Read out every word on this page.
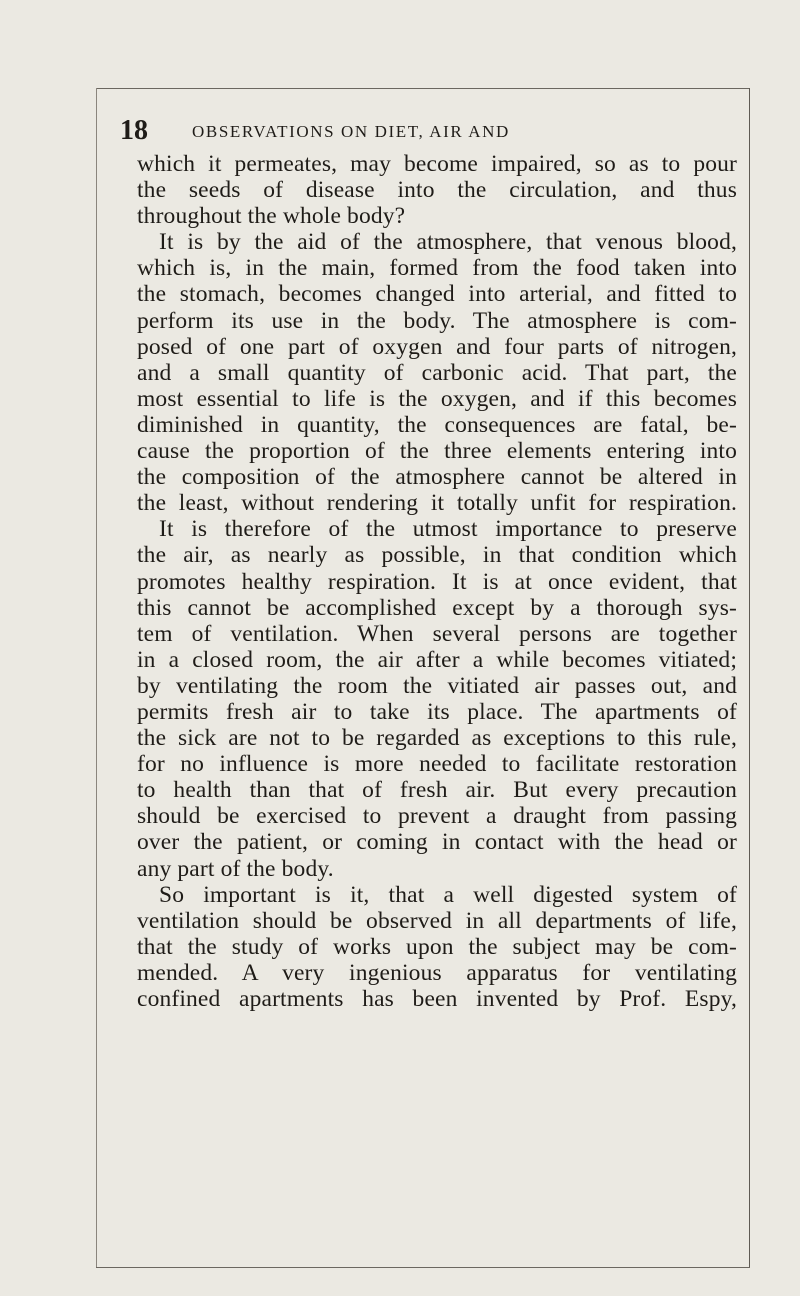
18	OBSERVATIONS ON DIET, AIR AND
which it permeates, may become impaired, so as to pour
the seeds of disease into the circulation, and thus
throughout the whole body?
It is by the aid of the atmosphere, that venous blood,
which is, in the main, formed from the food taken into
the stomach, becomes changed into arterial, and fitted to
perform its use in the body. The atmosphere is com-
posed of one part of oxygen and four parts of nitrogen,
and a small quantity of carbonic acid. That part, the
most essential to life is the oxygen, and if this becomes
diminished in quantity, the consequences are fatal, be-
cause the proportion of the three elements entering into
the composition of the atmosphere cannot be altered in
the least, without rendering it totally unfit for respiration.
It is therefore of the utmost importance to preserve
the air, as nearly as possible, in that condition which
promotes healthy respiration. It is at once evident, that
this cannot be accomplished except by a thorough sys-
tem of ventilation. When several persons are together
in a closed room, the air after a while becomes vitiated;
by ventilating the room the vitiated air passes out, and
permits fresh air to take its place. The apartments of
the sick are not to be regarded as exceptions to this rule,
for no influence is more needed to facilitate restoration
to health than that of fresh air. But every precaution
should be exercised to prevent a draught from passing
over the patient, or coming in contact with the head or
any part of the body.
So important is it, that a well digested system of
ventilation should be observed in all departments of life,
that the study of works upon the subject may be com-
mended. A very ingenious apparatus for ventilating
confined apartments has been invented by Prof. Espy,
